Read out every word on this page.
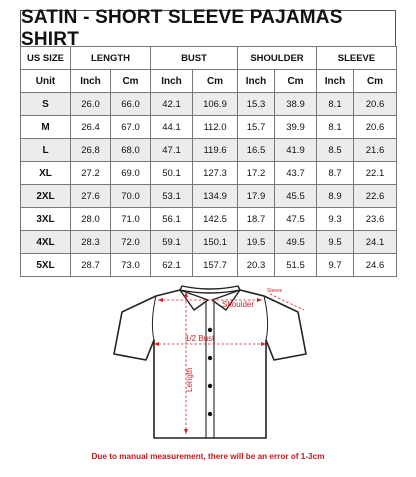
SATIN - SHORT SLEEVE PAJAMAS SHIRT
US SIZE	LENGTH		BUST		SHOULDER		SLEEVE	
Unit	Inch	Cm	Inch	Cm	Inch	Cm	Inch	Cm
S	26.0	66.0	42.1	106.9	15.3	38.9	8.1	20.6
M	26.4	67.0	44.1	112.0	15.7	39.9	8.1	20.6
L	26.8	68.0	47.1	119.6	16.5	41.9	8.5	21.6
XL	27.2	69.0	50.1	127.3	17.2	43.7	8.7	22.1
2XL	27.6	70.0	53.1	134.9	17.9	45.5	8.9	22.6
3XL	28.0	71.0	56.1	142.5	18.7	47.5	9.3	23.6
4XL	28.3	72.0	59.1	150.1	19.5	49.5	9.5	24.1
5XL	28.7	73.0	62.1	157.7	20.3	51.5	9.7	24.6
Shoulder
Sleeve
1/2 Bust
Length
Due to manual measurement, there will be an error of 1-3cm
